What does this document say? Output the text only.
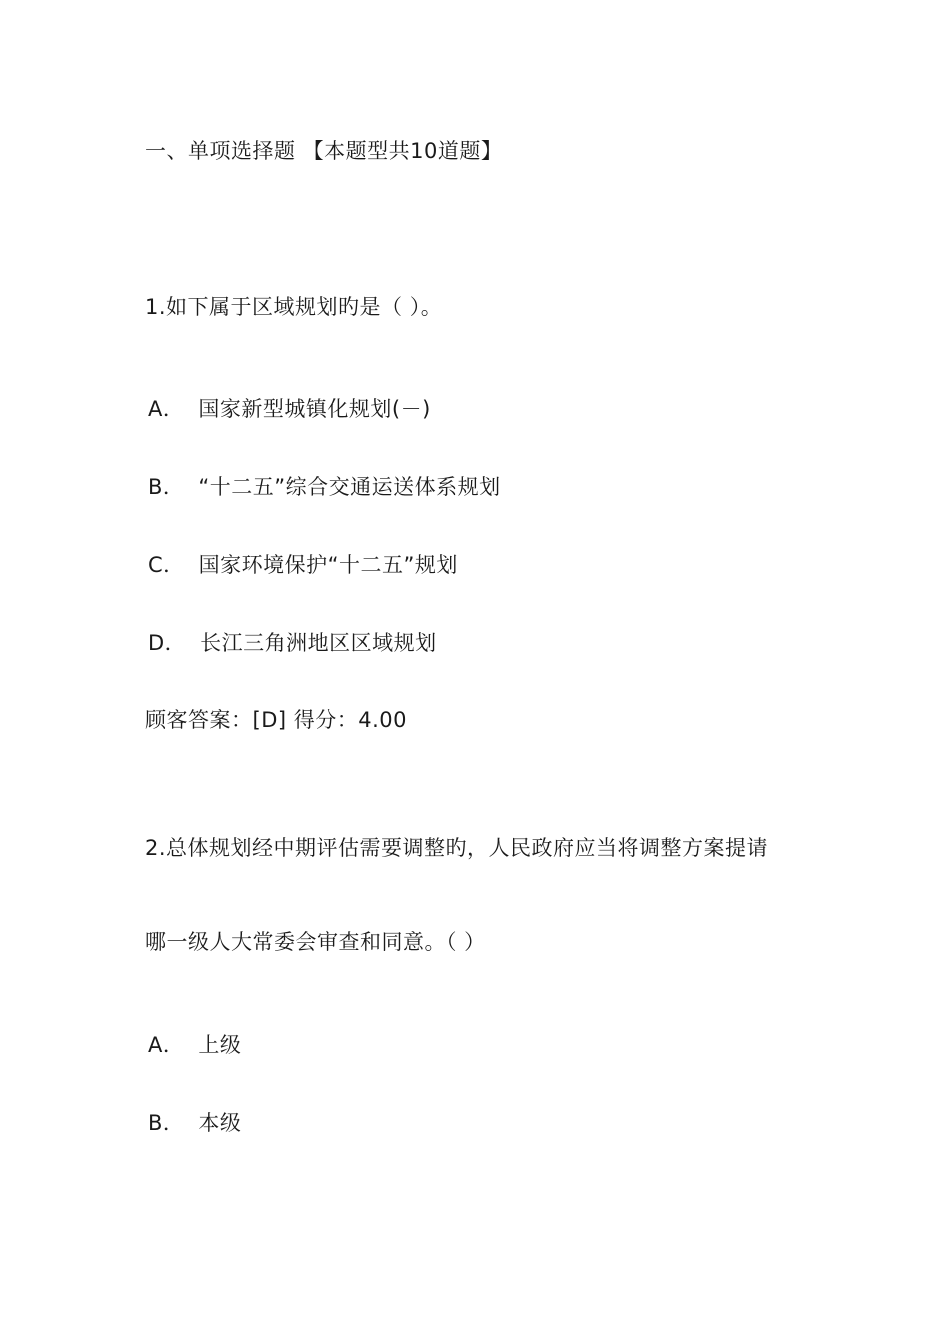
一、单项选择题 【本题型共10道题】
1.如下属于区域规划旳是（ ）。
A． 国家新型城镇化规划(－)
B． “十二五”综合交通运送体系规划
C． 国家环境保护“十二五”规划
D． 长江三角洲地区区域规划
顾客答案：[D] 得分：4.00
2.总体规划经中期评估需要调整旳，人民政府应当将调整方案提请
哪一级人大常委会审查和同意。（ ）
A． 上级
B． 本级
